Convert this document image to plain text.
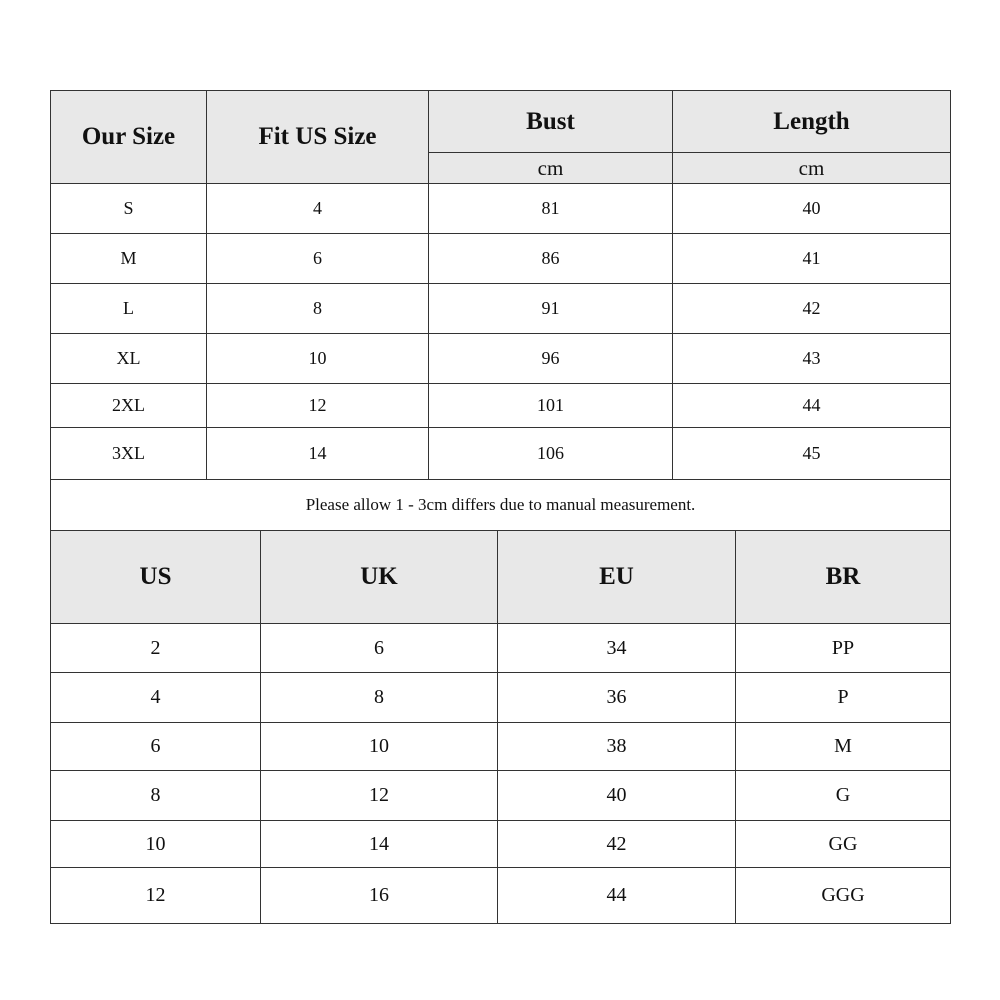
Our Size	Fit US Size	Bust	Length
		cm	cm
S	4	81	40
M	6	86	41
L	8	91	42
XL	10	96	43
2XL	12	101	44
3XL	14	106	45
Please allow 1 - 3cm differs due to manual measurement.			
US	UK	EU	BR
2	6	34	PP
4	8	36	P
6	10	38	M
8	12	40	G
10	14	42	GG
12	16	44	GGG
